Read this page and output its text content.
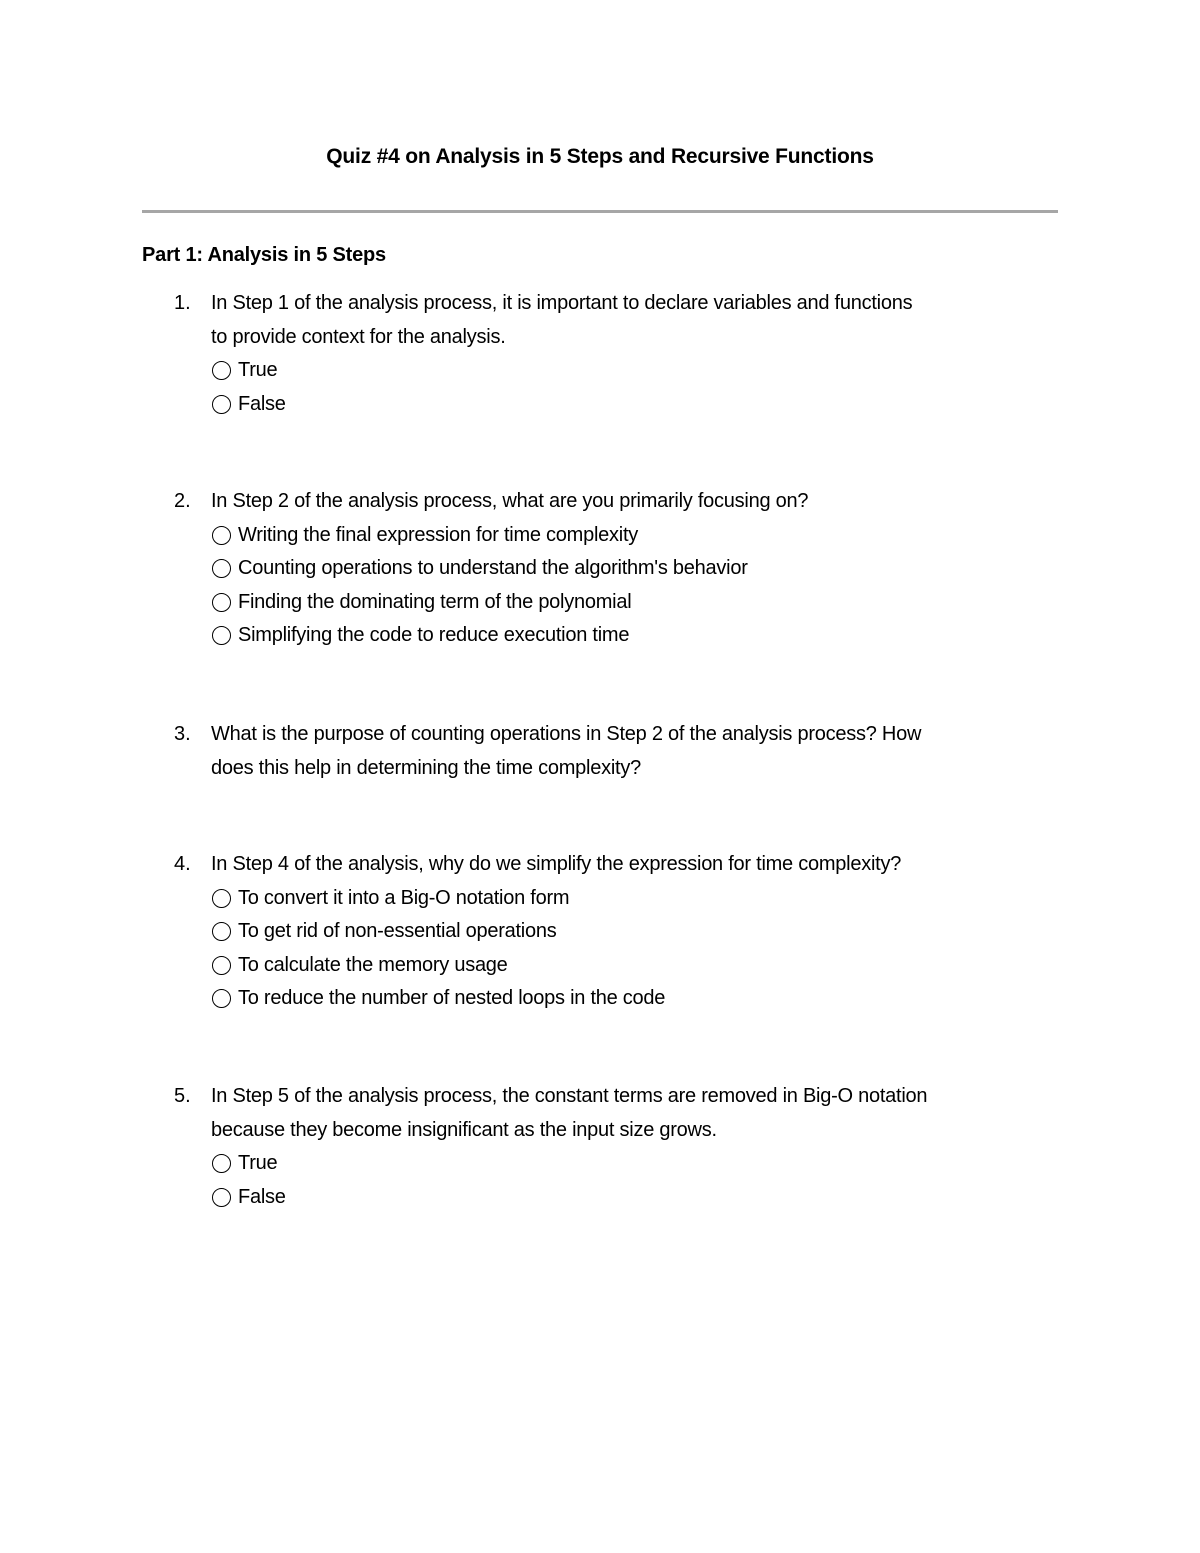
Quiz #4 on Analysis in 5 Steps and Recursive Functions
Part 1: Analysis in 5 Steps
1. In Step 1 of the analysis process, it is important to declare variables and functions
to provide context for the analysis.
True
False
2. In Step 2 of the analysis process, what are you primarily focusing on?
Writing the final expression for time complexity
Counting operations to understand the algorithm's behavior
Finding the dominating term of the polynomial
Simplifying the code to reduce execution time
3. What is the purpose of counting operations in Step 2 of the analysis process? How
does this help in determining the time complexity?
4. In Step 4 of the analysis, why do we simplify the expression for time complexity?
To convert it into a Big-O notation form
To get rid of non-essential operations
To calculate the memory usage
To reduce the number of nested loops in the code
5. In Step 5 of the analysis process, the constant terms are removed in Big-O notation
because they become insignificant as the input size grows.
True
False
